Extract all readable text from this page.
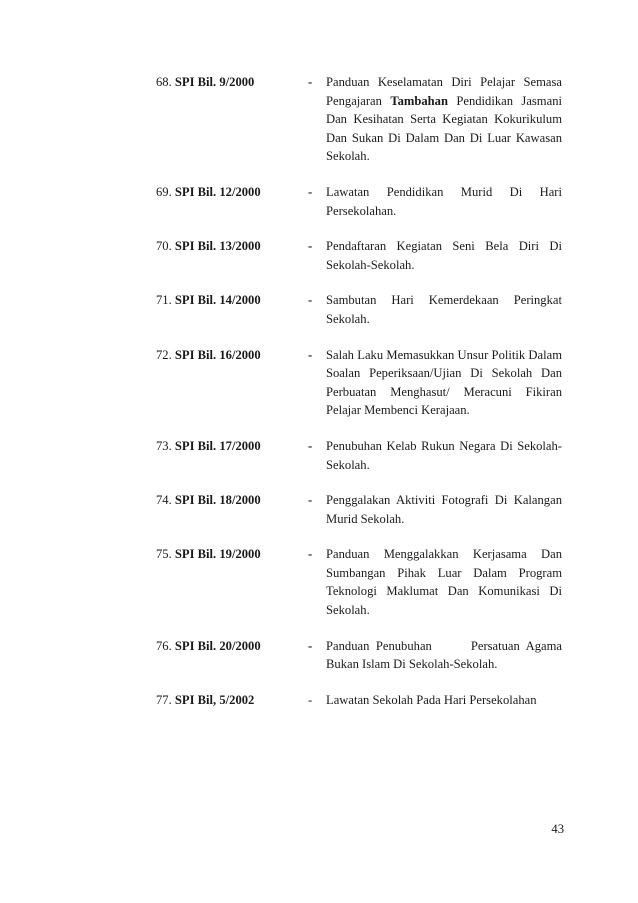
68. SPI Bil. 9/2000	-	Panduan Keselamatan Diri Pelajar Semasa Pengajaran Tambahan Pendidikan Jasmani Dan Kesihatan Serta Kegiatan Kokurikulum Dan Sukan Di Dalam Dan Di Luar Kawasan Sekolah.
69. SPI Bil. 12/2000	-	Lawatan Pendidikan Murid Di Hari Persekolahan.
70. SPI Bil. 13/2000	-	Pendaftaran Kegiatan Seni Bela Diri Di Sekolah-Sekolah.
71. SPI Bil. 14/2000	-	Sambutan Hari Kemerdekaan Peringkat Sekolah.
72. SPI Bil. 16/2000	-	Salah Laku Memasukkan Unsur Politik Dalam Soalan Peperiksaan/Ujian Di Sekolah Dan Perbuatan Menghasut/ Meracuni Fikiran Pelajar Membenci Kerajaan.
73. SPI Bil. 17/2000	-	Penubuhan Kelab Rukun Negara Di Sekolah-Sekolah.
74. SPI Bil. 18/2000	-	Penggalakan Aktiviti Fotografi Di Kalangan Murid Sekolah.
75. SPI Bil. 19/2000	-	Panduan Menggalakkan Kerjasama Dan Sumbangan Pihak Luar Dalam Program Teknologi Maklumat Dan Komunikasi Di Sekolah.
76. SPI Bil. 20/2000	-	Panduan Penubuhan      Persatuan Agama Bukan Islam Di Sekolah-Sekolah.
77. SPI Bil, 5/2002	-	Lawatan Sekolah Pada Hari Persekolahan
43
